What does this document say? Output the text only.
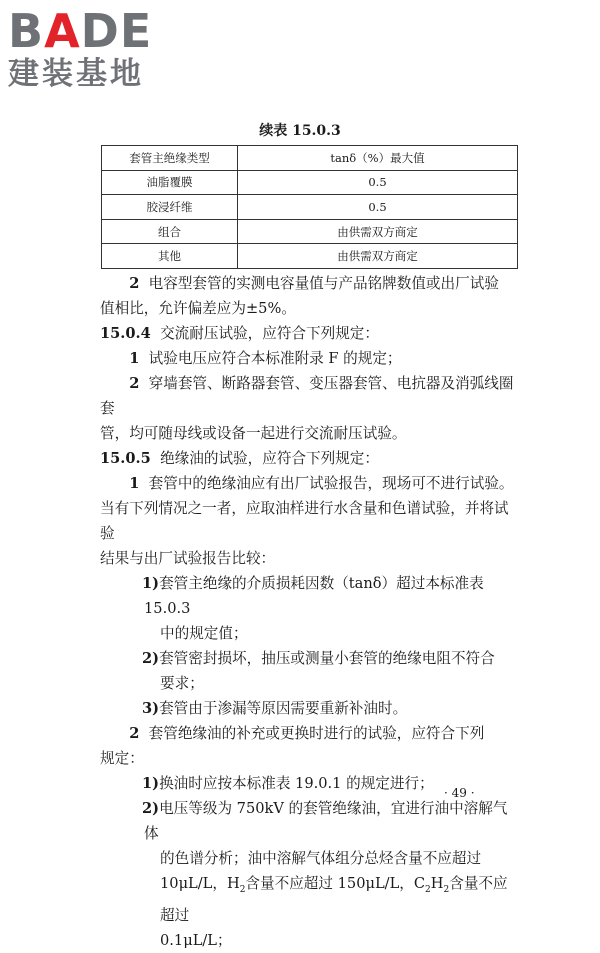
BADE
建装基地
续表 15.0.3
套管主绝缘类型	tanδ（%）最大值
油脂覆膜	0.5
胶浸纤维	0.5
组合	由供需双方商定
其他	由供需双方商定

2 电容型套管的实测电容量值与产品铭牌数值或出厂试验

值相比，允许偏差应为±5%。

15.0.4 交流耐压试验，应符合下列规定：

1 试验电压应符合本标准附录 F 的规定；

2 穿墙套管、断路器套管、变压器套管、电抗器及消弧线圈套

管，均可随母线或设备一起进行交流耐压试验。

15.0.5 绝缘油的试验，应符合下列规定：

1 套管中的绝缘油应有出厂试验报告，现场可不进行试验。

当有下列情况之一者，应取油样进行水含量和色谱试验，并将试验

结果与出厂试验报告比较：

1)套管主绝缘的介质损耗因数（tanδ）超过本标准表 15.0.3

中的规定值；

2)套管密封损坏，抽压或测量小套管的绝缘电阻不符合

要求；

3)套管由于渗漏等原因需要重新补油时。

2 套管绝缘油的补充或更换时进行的试验，应符合下列

规定：

1)换油时应按本标准表 19.0.1 的规定进行；

2)电压等级为 750kV 的套管绝缘油，宜进行油中溶解气体

的色谱分析；油中溶解气体组分总烃含量不应超过

10μL/L，$H_2$含量不应超过 150μL/L，$C_2H_2$含量不应超过

0.1μL/L；

· 49 ·
